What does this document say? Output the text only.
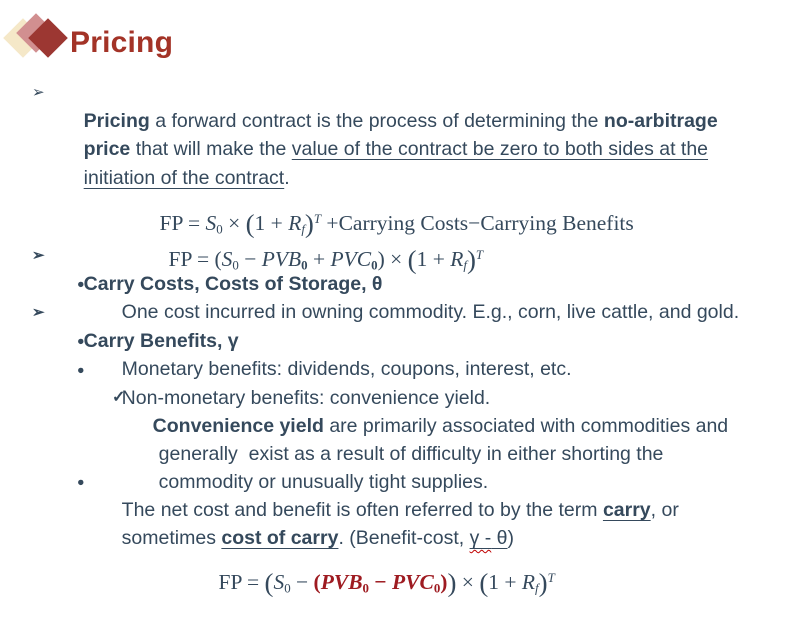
Pricing

➢
Pricing a forward contract is the process of determining the no-arbitrage

price that will make the value of the contract be zero to both sides at the

initiation of the contract.

FP = $S0 \times (1 + Rf)^T$ +Carrying Costs−Carrying Benefits

FP = $(S0 - PVB0 + PVC0) \times (1 + Rf)^T$

➢
Carry Costs, Costs of Storage, θ

●
One cost incurred in owning commodity. E.g., corn, live cattle, and gold.

➢
Carry Benefits, γ

●
Monetary benefits: dividends, coupons, interest, etc.

●
Non-monetary benefits: convenience yield.

✓
Convenience yield are primarily associated with commodities and

generally  exist as a result of difficulty in either shorting the

commodity or unusually tight supplies.

●
The net cost and benefit is often referred to by the term carry, or

sometimes cost of carry. (Benefit-cost, γ - θ)

FP = $(S0 - (PVB0 - PVC0)) \times (1 + Rf)^T$
